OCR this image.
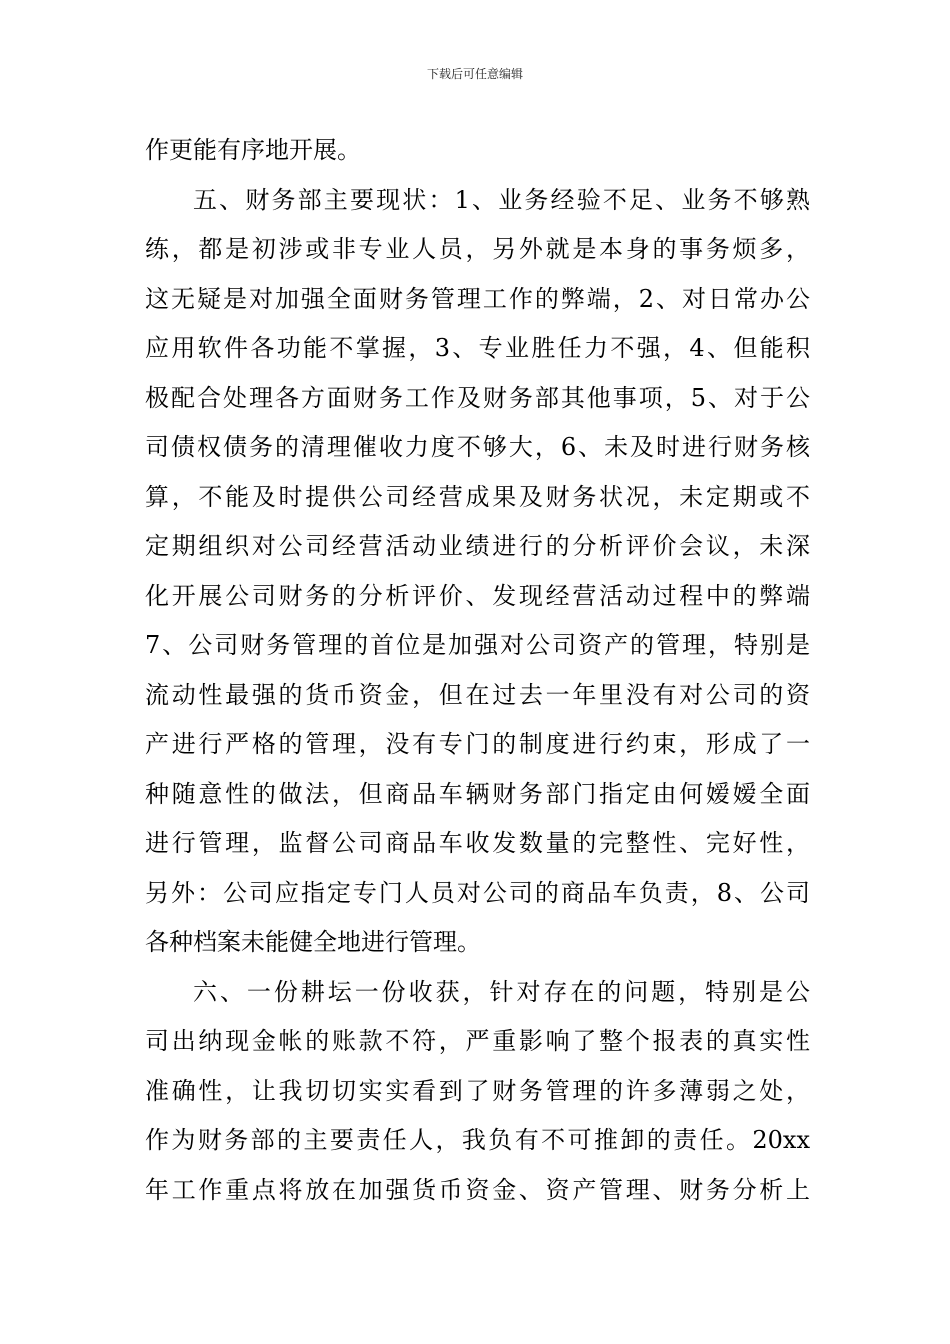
下载后可任意编辑
作更能有序地开展。
五、财务部主要现状：1、业务经验不足、业务不够熟
练，都是初涉或非专业人员，另外就是本身的事务烦多，
这无疑是对加强全面财务管理工作的弊端，2、对日常办公
应用软件各功能不掌握，3、专业胜任力不强，4、但能积
极配合处理各方面财务工作及财务部其他事项，5、对于公
司债权债务的清理催收力度不够大，6、未及时进行财务核
算，不能及时提供公司经营成果及财务状况，未定期或不
定期组织对公司经营活动业绩进行的分析评价会议，未深
化开展公司财务的分析评价、发现经营活动过程中的弊端
7、公司财务管理的首位是加强对公司资产的管理，特别是
流动性最强的货币资金，但在过去一年里没有对公司的资
产进行严格的管理，没有专门的制度进行约束，形成了一
种随意性的做法，但商品车辆财务部门指定由何嫒嫒全面
进行管理，监督公司商品车收发数量的完整性、完好性，
另外：公司应指定专门人员对公司的商品车负责，8、公司
各种档案未能健全地进行管理。
六、一份耕坛一份收获，针对存在的问题，特别是公
司出纳现金帐的账款不符，严重影响了整个报表的真实性
准确性，让我切切实实看到了财务管理的许多薄弱之处，
作为财务部的主要责任人，我负有不可推卸的责任。20xx
年工作重点将放在加强货币资金、资产管理、财务分析上
